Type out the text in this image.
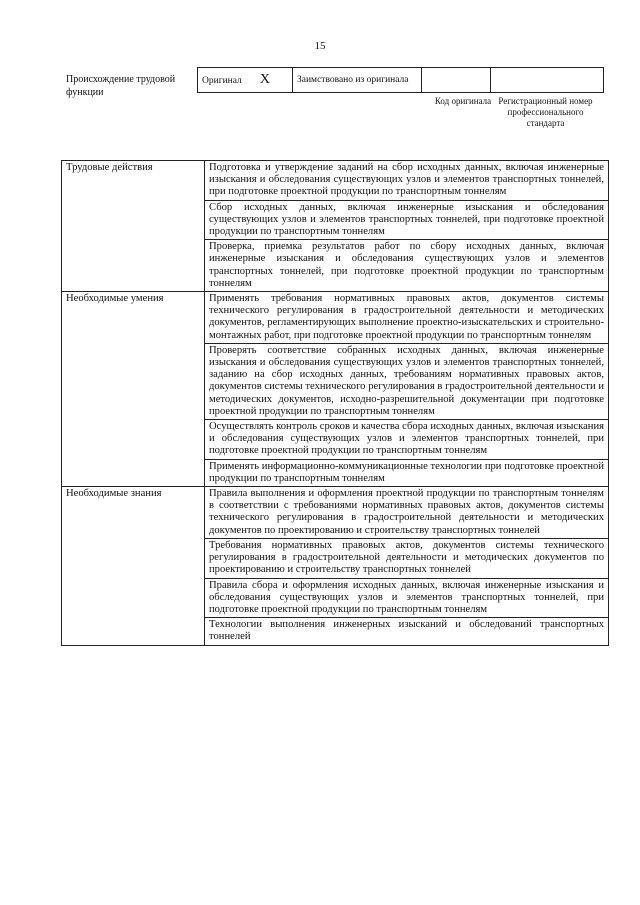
15
Происхождение трудовой функции
Оригинал X	Заимствовано из оригинала		
Код оригинала Регистрационный номер профессионального стандарта
Трудовые действия	Подготовка и утверждение заданий на сбор исходных данных, включая инженерные изыскания и обследования существующих узлов и элементов транспортных тоннелей, при подготовке проектной продукции по транспортным тоннелям
	Сбор исходных данных, включая инженерные изыскания и обследования существующих узлов и элементов транспортных тоннелей, при подготовке проектной продукции по транспортным тоннелям
	Проверка, приемка результатов работ по сбору исходных данных, включая инженерные изыскания и обследования существующих узлов и элементов транспортных тоннелей, при подготовке проектной продукции по транспортным тоннелям
Необходимые умения	Применять требования нормативных правовых актов, документов системы технического регулирования в градостроительной деятельности и методических документов, регламентирующих выполнение проектно-изыскательских и строительно-монтажных работ, при подготовке проектной продукции по транспортным тоннелям
	Проверять соответствие собранных исходных данных, включая инженерные изыскания и обследования существующих узлов и элементов транспортных тоннелей, заданию на сбор исходных данных, требованиям нормативных правовых актов, документов системы технического регулирования в градостроительной деятельности и методических документов, исходно-разрешительной документации при подготовке проектной продукции по транспортным тоннелям
	Осуществлять контроль сроков и качества сбора исходных данных, включая изыскания и обследования существующих узлов и элементов транспортных тоннелей, при подготовке проектной продукции по транспортным тоннелям
	Применять информационно-коммуникационные технологии при подготовке проектной продукции по транспортным тоннелям
Необходимые знания	Правила выполнения и оформления проектной продукции по транспортным тоннелям в соответствии с требованиями нормативных правовых актов, документов системы технического регулирования в градостроительной деятельности и методических документов по проектированию и строительству транспортных тоннелей
	Требования нормативных правовых актов, документов системы технического регулирования в градостроительной деятельности и методических документов по проектированию и строительству транспортных тоннелей
	Правила сбора и оформления исходных данных, включая инженерные изыскания и обследования существующих узлов и элементов транспортных тоннелей, при подготовке проектной продукции по транспортным тоннелям
	Технологии выполнения инженерных изысканий и обследований транспортных тоннелей
